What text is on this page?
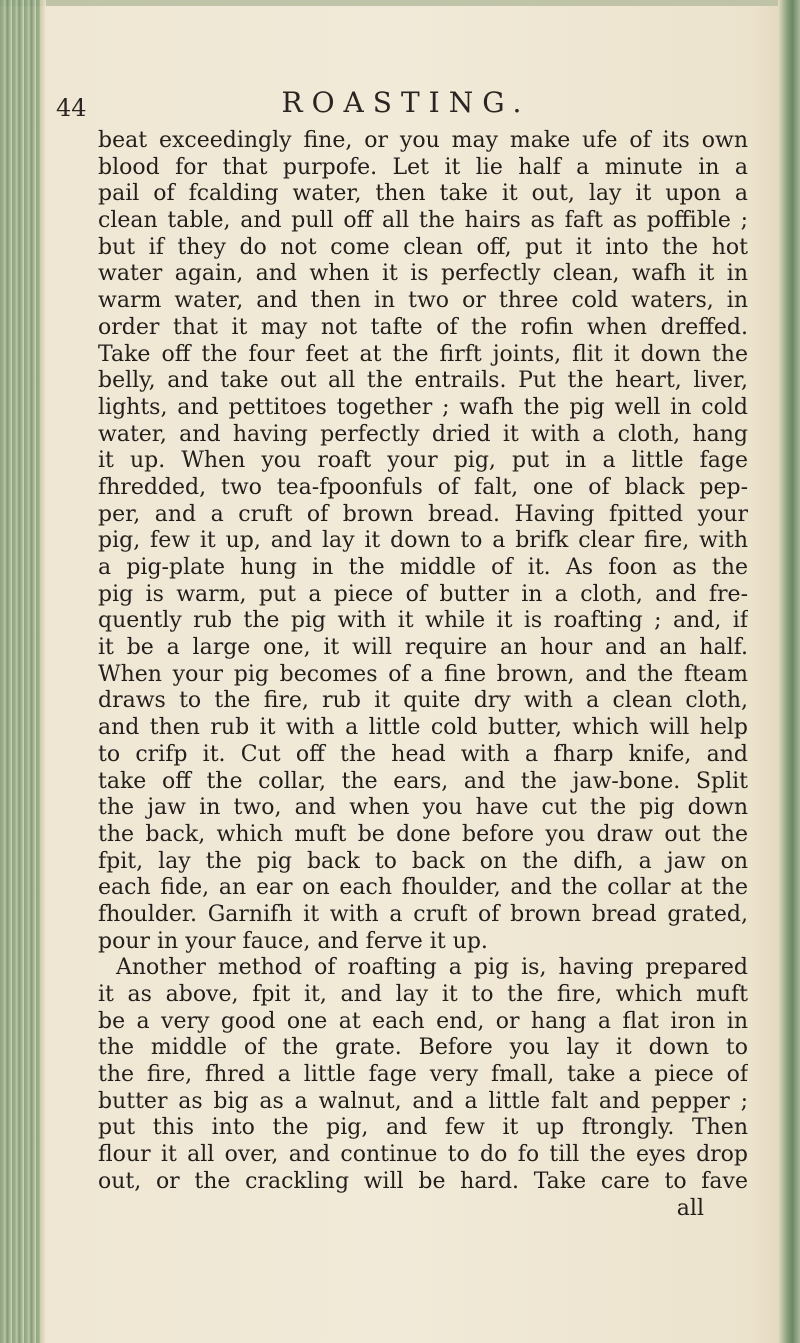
44	ROASTING.
beat exceedingly fine, or you may make ufe of its own
blood for that purpofe. Let it lie half a minute in a
pail of fcalding water, then take it out, lay it upon a
clean table, and pull off all the hairs as faft as poffible ;
but if they do not come clean off, put it into the hot
water again, and when it is perfectly clean, wafh it in
warm water, and then in two or three cold waters, in
order that it may not tafte of the rofin when dreffed.
Take off the four feet at the firft joints, flit it down the
belly, and take out all the entrails. Put the heart, liver,
lights, and pettitoes together ; wafh the pig well in cold
water, and having perfectly dried it with a cloth, hang
it up. When you roaft your pig, put in a little fage
fhredded, two tea-fpoonfuls of falt, one of black pep-
per, and a cruft of brown bread. Having fpitted your
pig, few it up, and lay it down to a brifk clear fire, with
a pig-plate hung in the middle of it. As foon as the
pig is warm, put a piece of butter in a cloth, and fre-
quently rub the pig with it while it is roafting ; and, if
it be a large one, it will require an hour and an half.
When your pig becomes of a fine brown, and the fteam
draws to the fire, rub it quite dry with a clean cloth,
and then rub it with a little cold butter, which will help
to crifp it. Cut off the head with a fharp knife, and
take off the collar, the ears, and the jaw-bone. Split
the jaw in two, and when you have cut the pig down
the back, which muft be done before you draw out the
fpit, lay the pig back to back on the difh, a jaw on
each fide, an ear on each fhoulder, and the collar at the
fhoulder. Garnifh it with a cruft of brown bread grated,
pour in your fauce, and ferve it up.
Another method of roafting a pig is, having prepared
it as above, fpit it, and lay it to the fire, which muft
be a very good one at each end, or hang a flat iron in
the middle of the grate. Before you lay it down to
the fire, fhred a little fage very fmall, take a piece of
butter as big as a walnut, and a little falt and pepper ;
put this into the pig, and few it up ftrongly. Then
flour it all over, and continue to do fo till the eyes drop
out, or the crackling will be hard. Take care to fave
all
